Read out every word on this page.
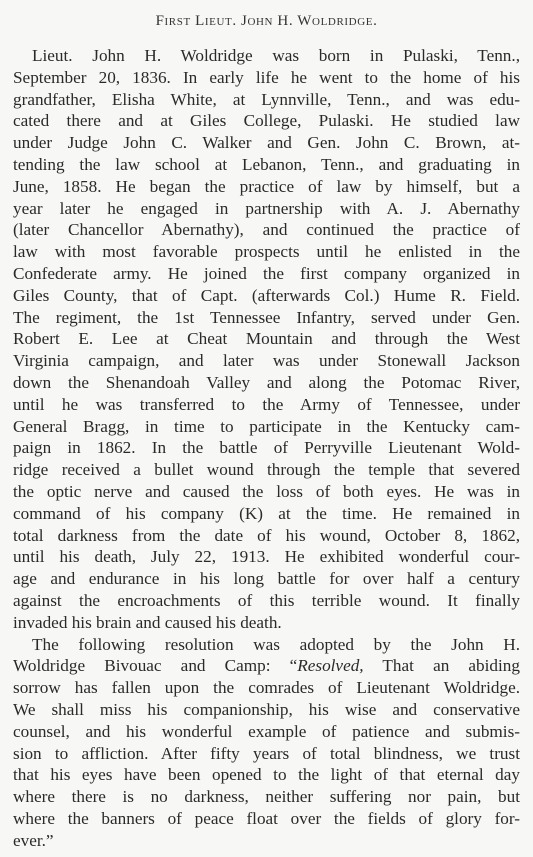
First Lieut. John H. Woldridge.
Lieut. John H. Woldridge was born in Pulaski, Tenn.,
September 20, 1836. In early life he went to the home of his
grandfather, Elisha White, at Lynnville, Tenn., and was edu-
cated there and at Giles College, Pulaski. He studied law
under Judge John C. Walker and Gen. John C. Brown, at-
tending the law school at Lebanon, Tenn., and graduating in
June, 1858. He began the practice of law by himself, but a
year later he engaged in partnership with A. J. Abernathy
(later Chancellor Abernathy), and continued the practice of
law with most favorable prospects until he enlisted in the
Confederate army. He joined the first company organized in
Giles County, that of Capt. (afterwards Col.) Hume R. Field.
The regiment, the 1st Tennessee Infantry, served under Gen.
Robert E. Lee at Cheat Mountain and through the West
Virginia campaign, and later was under Stonewall Jackson
down the Shenandoah Valley and along the Potomac River,
until he was transferred to the Army of Tennessee, under
General Bragg, in time to participate in the Kentucky cam-
paign in 1862. In the battle of Perryville Lieutenant Wold-
ridge received a bullet wound through the temple that severed
the optic nerve and caused the loss of both eyes. He was in
command of his company (K) at the time. He remained in
total darkness from the date of his wound, October 8, 1862,
until his death, July 22, 1913. He exhibited wonderful cour-
age and endurance in his long battle for over half a century
against the encroachments of this terrible wound. It finally
invaded his brain and caused his death.
The following resolution was adopted by the John H.
Woldridge Bivouac and Camp: “Resolved, That an abiding
sorrow has fallen upon the comrades of Lieutenant Woldridge.
We shall miss his companionship, his wise and conservative
counsel, and his wonderful example of patience and submis-
sion to affliction. After fifty years of total blindness, we trust
that his eyes have been opened to the light of that eternal day
where there is no darkness, neither suffering nor pain, but
where the banners of peace float over the fields of glory for-
ever.”
